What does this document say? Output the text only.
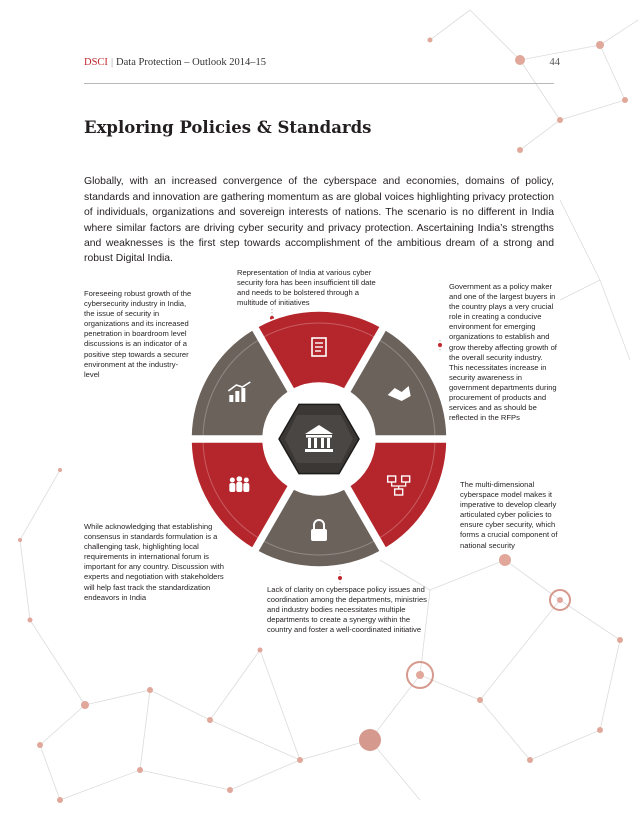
DSCI | Data Protection – Outlook 2014–15	44
Exploring Policies & Standards

Globally, with an increased convergence of the cyberspace and economies, domains of policy, standards and innovation are gathering momentum as are global voices highlighting privacy protection of individuals, organizations and sovereign interests of nations. The scenario is no different in India where similar factors are driving cyber security and privacy protection. Ascertaining India’s strengths and weaknesses is the first step towards accomplishment of the ambitious dream of a strong and robust Digital India.

Representation of India at various cyber security fora has been insufficient till date and needs to be bolstered through a multitude of initiatives
Foreseeing robust growth of the cybersecurity industry in India, the issue of security in organizations and its increased penetration in boardroom level discussions is an indicator of a positive step towards a securer environment at the industry-level
Government as a policy maker and one of the largest buyers in the country plays a very crucial role in creating a conducive environment for emerging organizations to establish and grow thereby affecting growth of the overall security industry. This necessitates increase in security awareness in government departments during procurement of products and services and as should be reflected in the RFPs
The multi-dimensional cyberspace model makes it imperative to develop clearly articulated cyber policies to ensure cyber security, which forms a crucial component of national security
While acknowledging that establishing consensus in standards formulation is a challenging task, highlighting local requirements in international forum is important for any country. Discussion with experts and negotiation with stakeholders will help fast track the standardization endeavors in India
Lack of clarity on cyberspace policy issues and coordination among the departments, ministries and industry bodies necessitates multiple departments to create a synergy within the country and foster a well-coordinated initiative
